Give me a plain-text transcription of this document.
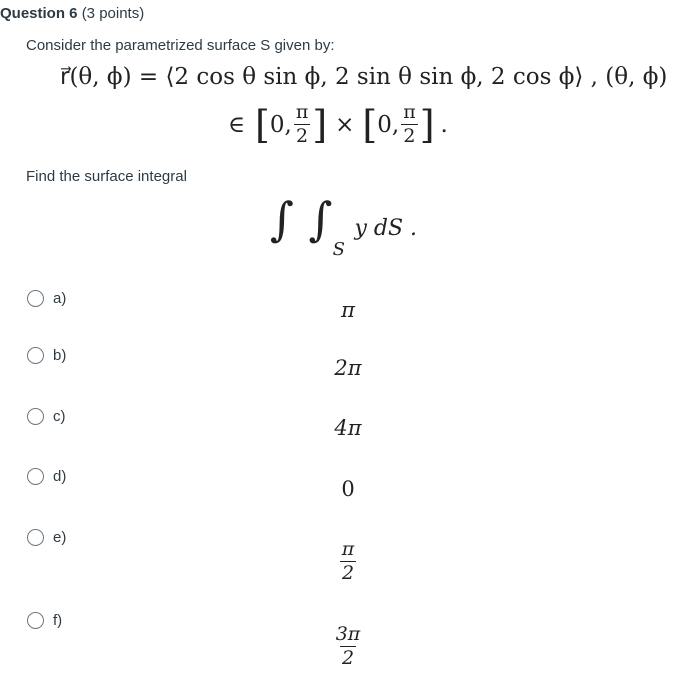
Question 6 (3 points)
Consider the parametrized surface S given by:
r⃗(θ, ϕ) = ⟨2 cos θ sin ϕ, 2 sin θ sin ϕ, 2 cos ϕ⟩ , (θ, ϕ)
∈ [ 0, $\frac{\pi}{2}$ ] × [ 0, $\frac{\pi}{2}$ ] .
Find the surface integral
∫ $\int_S$ y dS .
a)	π
b)
2π
c)	4π
d)
0
e)
$\frac{\pi}{2}$
f)
$\frac{3\pi}{2}$
